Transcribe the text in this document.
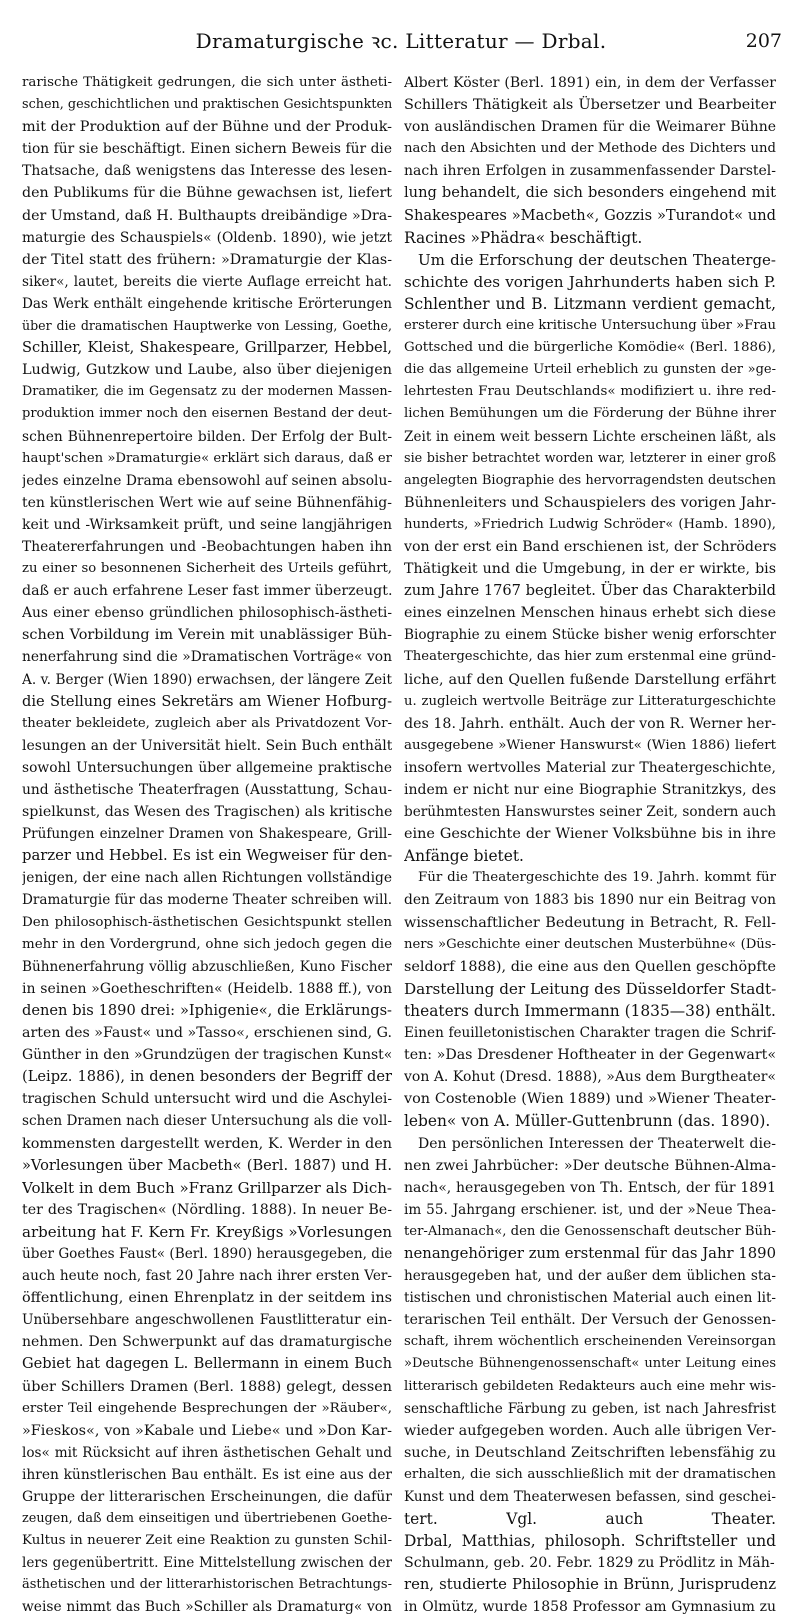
Dramaturgische ꝛc. Litteratur — Drbal.	207
rarische Thätigkeit gedrungen, die sich unter ästheti-
schen, geschichtlichen und praktischen Gesichtspunkten
mit der Produktion auf der Bühne und der Produk-
tion für sie beschäftigt. Einen sichern Beweis für die
Thatsache, daß wenigstens das Interesse des lesen-
den Publikums für die Bühne gewachsen ist, liefert
der Umstand, daß H. Bulthaupts dreibändige »Dra-
maturgie des Schauspiels« (Oldenb. 1890), wie jetzt
der Titel statt des frühern: »Dramaturgie der Klas-
siker«, lautet, bereits die vierte Auflage erreicht hat.
Das Werk enthält eingehende kritische Erörterungen
über die dramatischen Hauptwerke von Lessing, Goethe,
Schiller, Kleist, Shakespeare, Grillparzer, Hebbel,
Ludwig, Gutzkow und Laube, also über diejenigen
Dramatiker, die im Gegensatz zu der modernen Massen-
produktion immer noch den eisernen Bestand der deut-
schen Bühnenrepertoire bilden. Der Erfolg der Bult-
haupt'schen »Dramaturgie« erklärt sich daraus, daß er
jedes einzelne Drama ebensowohl auf seinen absolu-
ten künstlerischen Wert wie auf seine Bühnenfähig-
keit und -Wirksamkeit prüft, und seine langjährigen
Theatererfahrungen und -Beobachtungen haben ihn
zu einer so besonnenen Sicherheit des Urteils geführt,
daß er auch erfahrene Leser fast immer überzeugt.
Aus einer ebenso gründlichen philosophisch-ästheti-
schen Vorbildung im Verein mit unablässiger Büh-
nenerfahrung sind die »Dramatischen Vorträge« von
A. v. Berger (Wien 1890) erwachsen, der längere Zeit
die Stellung eines Sekretärs am Wiener Hofburg-
theater bekleidete, zugleich aber als Privatdozent Vor-
lesungen an der Universität hielt. Sein Buch enthält
sowohl Untersuchungen über allgemeine praktische
und ästhetische Theaterfragen (Ausstattung, Schau-
spielkunst, das Wesen des Tragischen) als kritische
Prüfungen einzelner Dramen von Shakespeare, Grill-
parzer und Hebbel. Es ist ein Wegweiser für den-
jenigen, der eine nach allen Richtungen vollständige
Dramaturgie für das moderne Theater schreiben will.
Den philosophisch-ästhetischen Gesichtspunkt stellen
mehr in den Vordergrund, ohne sich jedoch gegen die
Bühnenerfahrung völlig abzuschließen, Kuno Fischer
in seinen »Goetheschriften« (Heidelb. 1888 ff.), von
denen bis 1890 drei: »Iphigenie«, die Erklärungs-
arten des »Faust« und »Tasso«, erschienen sind, G.
Günther in den »Grundzügen der tragischen Kunst«
(Leipz. 1886), in denen besonders der Begriff der
tragischen Schuld untersucht wird und die Aschylei-
schen Dramen nach dieser Untersuchung als die voll-
kommensten dargestellt werden, K. Werder in den
»Vorlesungen über Macbeth« (Berl. 1887) und H.
Volkelt in dem Buch »Franz Grillparzer als Dich-
ter des Tragischen« (Nördling. 1888). In neuer Be-
arbeitung hat F. Kern Fr. Kreyßigs »Vorlesungen
über Goethes Faust« (Berl. 1890) herausgegeben, die
auch heute noch, fast 20 Jahre nach ihrer ersten Ver-
öffentlichung, einen Ehrenplatz in der seitdem ins
Unübersehbare angeschwollenen Faustlitteratur ein-
nehmen. Den Schwerpunkt auf das dramaturgische
Gebiet hat dagegen L. Bellermann in einem Buch
über Schillers Dramen (Berl. 1888) gelegt, dessen
erster Teil eingehende Besprechungen der »Räuber«,
»Fieskos«, von »Kabale und Liebe« und »Don Kar-
los« mit Rücksicht auf ihren ästhetischen Gehalt und
ihren künstlerischen Bau enthält. Es ist eine aus der
Gruppe der litterarischen Erscheinungen, die dafür
zeugen, daß dem einseitigen und übertriebenen Goethe-
Kultus in neuerer Zeit eine Reaktion zu gunsten Schil-
lers gegenübertritt. Eine Mittelstellung zwischen der
ästhetischen und der litterarhistorischen Betrachtungs-
weise nimmt das Buch »Schiller als Dramaturg« von
Albert Köster (Berl. 1891) ein, in dem der Verfasser
Schillers Thätigkeit als Übersetzer und Bearbeiter
von ausländischen Dramen für die Weimarer Bühne
nach den Absichten und der Methode des Dichters und
nach ihren Erfolgen in zusammenfassender Darstel-
lung behandelt, die sich besonders eingehend mit
Shakespeares »Macbeth«, Gozzis »Turandot« und
Racines »Phädra« beschäftigt.
Um die Erforschung der deutschen Theaterge-
schichte des vorigen Jahrhunderts haben sich P.
Schlenther und B. Litzmann verdient gemacht,
ersterer durch eine kritische Untersuchung über »Frau
Gottsched und die bürgerliche Komödie« (Berl. 1886),
die das allgemeine Urteil erheblich zu gunsten der »ge-
lehrtesten Frau Deutschlands« modifiziert u. ihre red-
lichen Bemühungen um die Förderung der Bühne ihrer
Zeit in einem weit bessern Lichte erscheinen läßt, als
sie bisher betrachtet worden war, letzterer in einer groß
angelegten Biographie des hervorragendsten deutschen
Bühnenleiters und Schauspielers des vorigen Jahr-
hunderts, »Friedrich Ludwig Schröder« (Hamb. 1890),
von der erst ein Band erschienen ist, der Schröders
Thätigkeit und die Umgebung, in der er wirkte, bis
zum Jahre 1767 begleitet. Über das Charakterbild
eines einzelnen Menschen hinaus erhebt sich diese
Biographie zu einem Stücke bisher wenig erforschter
Theatergeschichte, das hier zum erstenmal eine gründ-
liche, auf den Quellen fußende Darstellung erfährt
u. zugleich wertvolle Beiträge zur Litteraturgeschichte
des 18. Jahrh. enthält. Auch der von R. Werner her-
ausgegebene »Wiener Hanswurst« (Wien 1886) liefert
insofern wertvolles Material zur Theatergeschichte,
indem er nicht nur eine Biographie Stranitzkys, des
berühmtesten Hanswurstes seiner Zeit, sondern auch
eine Geschichte der Wiener Volksbühne bis in ihre
Anfänge bietet.
Für die Theatergeschichte des 19. Jahrh. kommt für
den Zeitraum von 1883 bis 1890 nur ein Beitrag von
wissenschaftlicher Bedeutung in Betracht, R. Fell-
ners »Geschichte einer deutschen Musterbühne« (Düs-
seldorf 1888), die eine aus den Quellen geschöpfte
Darstellung der Leitung des Düsseldorfer Stadt-
theaters durch Immermann (1835—38) enthält.
Einen feuilletonistischen Charakter tragen die Schrif-
ten: »Das Dresdener Hoftheater in der Gegenwart«
von A. Kohut (Dresd. 1888), »Aus dem Burgtheater«
von Costenoble (Wien 1889) und »Wiener Theater-
leben« von A. Müller-Guttenbrunn (das. 1890).
Den persönlichen Interessen der Theaterwelt die-
nen zwei Jahrbücher: »Der deutsche Bühnen-Alma-
nach«, herausgegeben von Th. Entsch, der für 1891
im 55. Jahrgang erschiener. ist, und der »Neue Thea-
ter-Almanach«, den die Genossenschaft deutscher Büh-
nenangehöriger zum erstenmal für das Jahr 1890
herausgegeben hat, und der außer dem üblichen sta-
tistischen und chronistischen Material auch einen lit-
terarischen Teil enthält. Der Versuch der Genossen-
schaft, ihrem wöchentlich erscheinenden Vereinsorgan
»Deutsche Bühnengenossenschaft« unter Leitung eines
litterarisch gebildeten Redakteurs auch eine mehr wis-
senschaftliche Färbung zu geben, ist nach Jahresfrist
wieder aufgegeben worden. Auch alle übrigen Ver-
suche, in Deutschland Zeitschriften lebensfähig zu
erhalten, die sich ausschließlich mit der dramatischen
Kunst und dem Theaterwesen befassen, sind geschei-
tert. Vgl. auch Theater.
Drbal, Matthias, philosoph. Schriftsteller und
Schulmann, geb. 20. Febr. 1829 zu Prödlitz in Mäh-
ren, studierte Philosophie in Brünn, Jurisprudenz
in Olmütz, wurde 1858 Professor am Gymnasium zu
